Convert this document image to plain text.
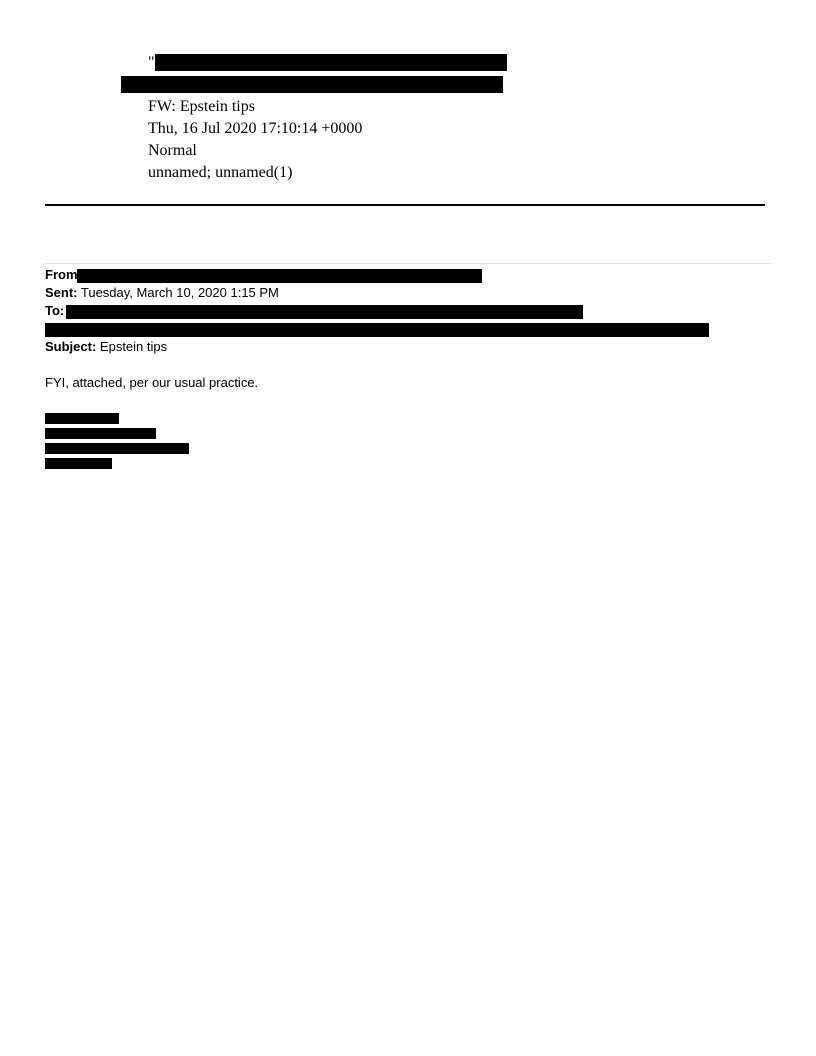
"
FW: Epstein tips
Thu, 16 Jul 2020 17:10:14 +0000
Normal
unnamed; unnamed(1)
From
Sent: Tuesday, March 10, 2020 1:15 PM
To:
Subject: Epstein tips
FYI, attached, per our usual practice.
